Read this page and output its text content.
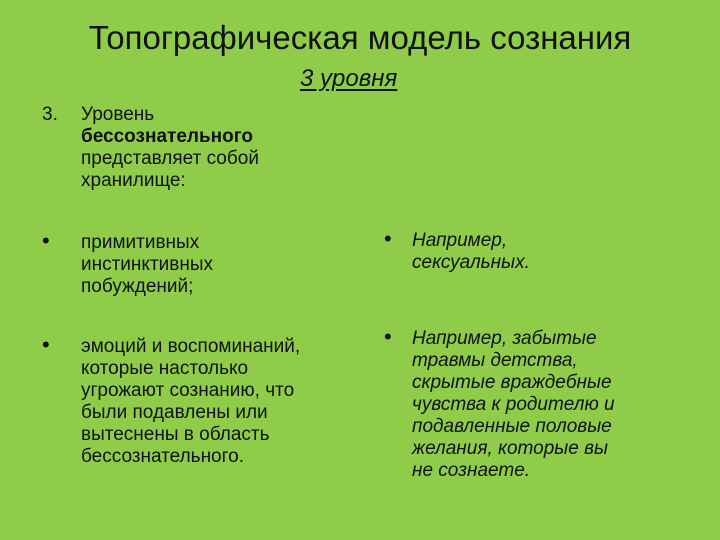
Топографическая модель сознания
3 уровня
3. Уровень
бессознательного
представляет собой
хранилище:
• примитивных
инстинктивных
побуждений;
• Например,
сексуальных.
• эмоций и воспоминаний,
которые настолько
угрожают сознанию, что
были подавлены или
вытеснены в область
бессознательного.
• Например, забытые
травмы детства,
скрытые враждебные
чувства к родителю и
подавленные половые
желания, которые вы
не сознаете.
